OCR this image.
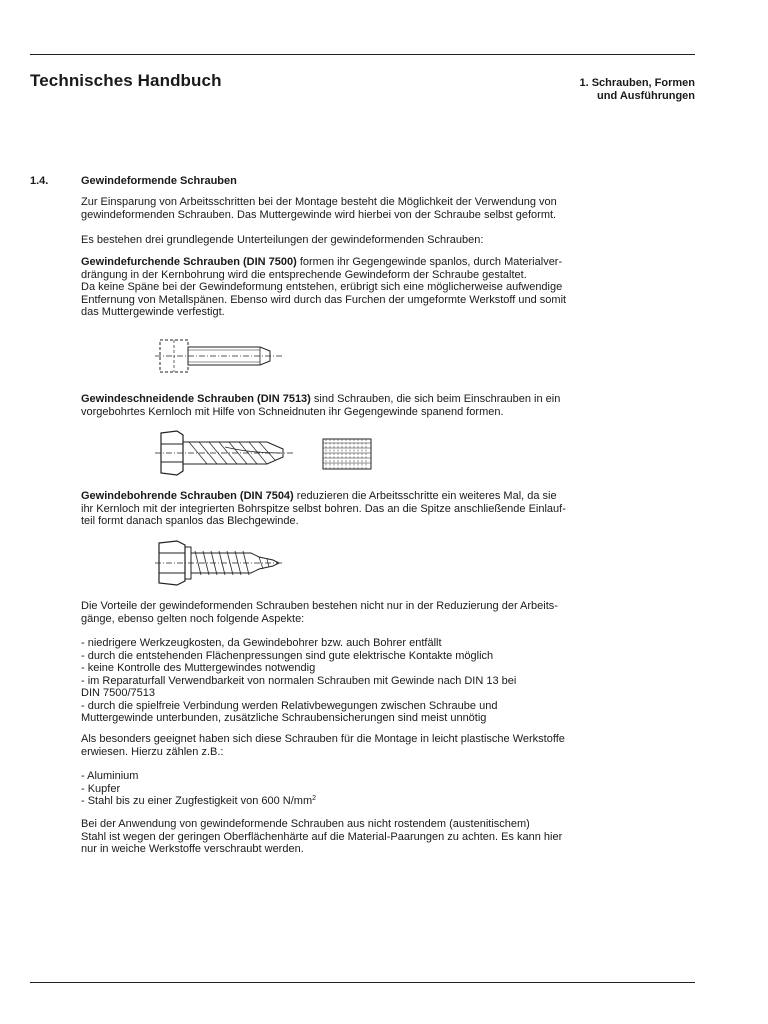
Technisches Handbuch	1. Schrauben, Formen
und Ausführungen
1.4.	Gewindeformende Schrauben

Zur Einsparung von Arbeitsschritten bei der Montage besteht die Möglichkeit der Verwendung von

gewindeformenden Schrauben. Das Muttergewinde wird hierbei von der Schraube selbst geformt.

Es bestehen drei grundlegende Unterteilungen der gewindeformenden Schrauben:

Gewindefurchende Schrauben (DIN 7500) formen ihr Gegengewinde spanlos, durch Materialver-

drängung in der Kernbohrung wird die entsprechende Gewindeform der Schraube gestaltet.

Da keine Späne bei der Gewindeformung entstehen, erübrigt sich eine möglicherweise aufwendige

Entfernung von Metallspänen. Ebenso wird durch das Furchen der umgeformte Werkstoff und somit

das Muttergewinde verfestigt.

Gewindeschneidende Schrauben (DIN 7513) sind Schrauben, die sich beim Einschrauben in ein

vorgebohrtes Kernloch mit Hilfe von Schneidnuten ihr Gegengewinde spanend formen.

Gewindebohrende Schrauben (DIN 7504) reduzieren die Arbeitsschritte ein weiteres Mal, da sie

ihr Kernloch mit der integrierten Bohrspitze selbst bohren. Das an die Spitze anschließende Einlauf-

teil formt danach spanlos das Blechgewinde.

Die Vorteile der gewindeformenden Schrauben bestehen nicht nur in der Reduzierung der Arbeits-

gänge, ebenso gelten noch folgende Aspekte:

- niedrigere Werkzeugkosten, da Gewindebohrer bzw. auch Bohrer entfällt
- durch die entstehenden Flächenpressungen sind gute elektrische Kontakte möglich
- keine Kontrolle des Muttergewindes notwendig
- im Reparaturfall Verwendbarkeit von normalen Schrauben mit Gewinde nach DIN 13 bei
DIN 7500/7513
- durch die spielfreie Verbindung werden Relativbewegungen zwischen Schraube und
Muttergewinde unterbunden, zusätzliche Schraubensicherungen sind meist unnötig

Als besonders geeignet haben sich diese Schrauben für die Montage in leicht plastische Werkstoffe

erwiesen. Hierzu zählen z.B.:

- Aluminium
- Kupfer
- Stahl bis zu einer Zugfestigkeit von 600 $N/mm^2$

Bei der Anwendung von gewindeformende Schrauben aus nicht rostendem (austenitischem)

Stahl ist wegen der geringen Oberflächenhärte auf die Material-Paarungen zu achten. Es kann hier

nur in weiche Werkstoffe verschraubt werden.
